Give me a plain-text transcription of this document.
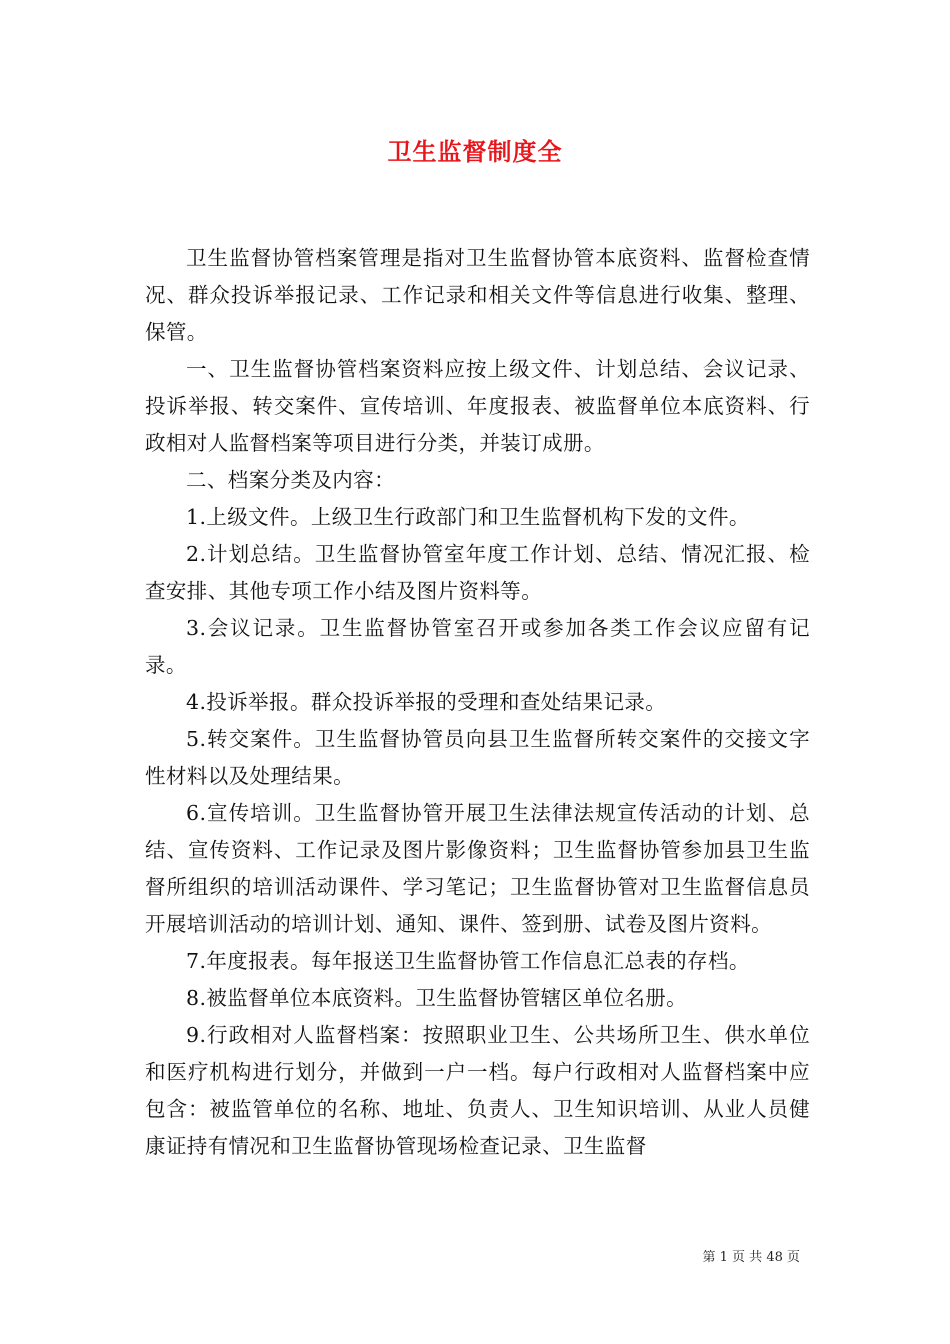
卫生监督制度全

卫生监督协管档案管理是指对卫生监督协管本底资料、监督检查情况、群众投诉举报记录、工作记录和相关文件等信息进行收集、整理、保管。

一、卫生监督协管档案资料应按上级文件、计划总结、会议记录、投诉举报、转交案件、宣传培训、年度报表、被监督单位本底资料、行政相对人监督档案等项目进行分类，并装订成册。

二、档案分类及内容：

1.上级文件。上级卫生行政部门和卫生监督机构下发的文件。

2.计划总结。卫生监督协管室年度工作计划、总结、情况汇报、检查安排、其他专项工作小结及图片资料等。

3.会议记录。卫生监督协管室召开或参加各类工作会议应留有记录。

4.投诉举报。群众投诉举报的受理和查处结果记录。

5.转交案件。卫生监督协管员向县卫生监督所转交案件的交接文字性材料以及处理结果。

6.宣传培训。卫生监督协管开展卫生法律法规宣传活动的计划、总结、宣传资料、工作记录及图片影像资料；卫生监督协管参加县卫生监督所组织的培训活动课件、学习笔记；卫生监督协管对卫生监督信息员开展培训活动的培训计划、通知、课件、签到册、试卷及图片资料。

7.年度报表。每年报送卫生监督协管工作信息汇总表的存档。

8.被监督单位本底资料。卫生监督协管辖区单位名册。

9.行政相对人监督档案：按照职业卫生、公共场所卫生、供水单位和医疗机构进行划分，并做到一户一档。每户行政相对人监督档案中应包含：被监管单位的名称、地址、负责人、卫生知识培训、从业人员健康证持有情况和卫生监督协管现场检查记录、卫生监督

第 1 页 共 48 页
